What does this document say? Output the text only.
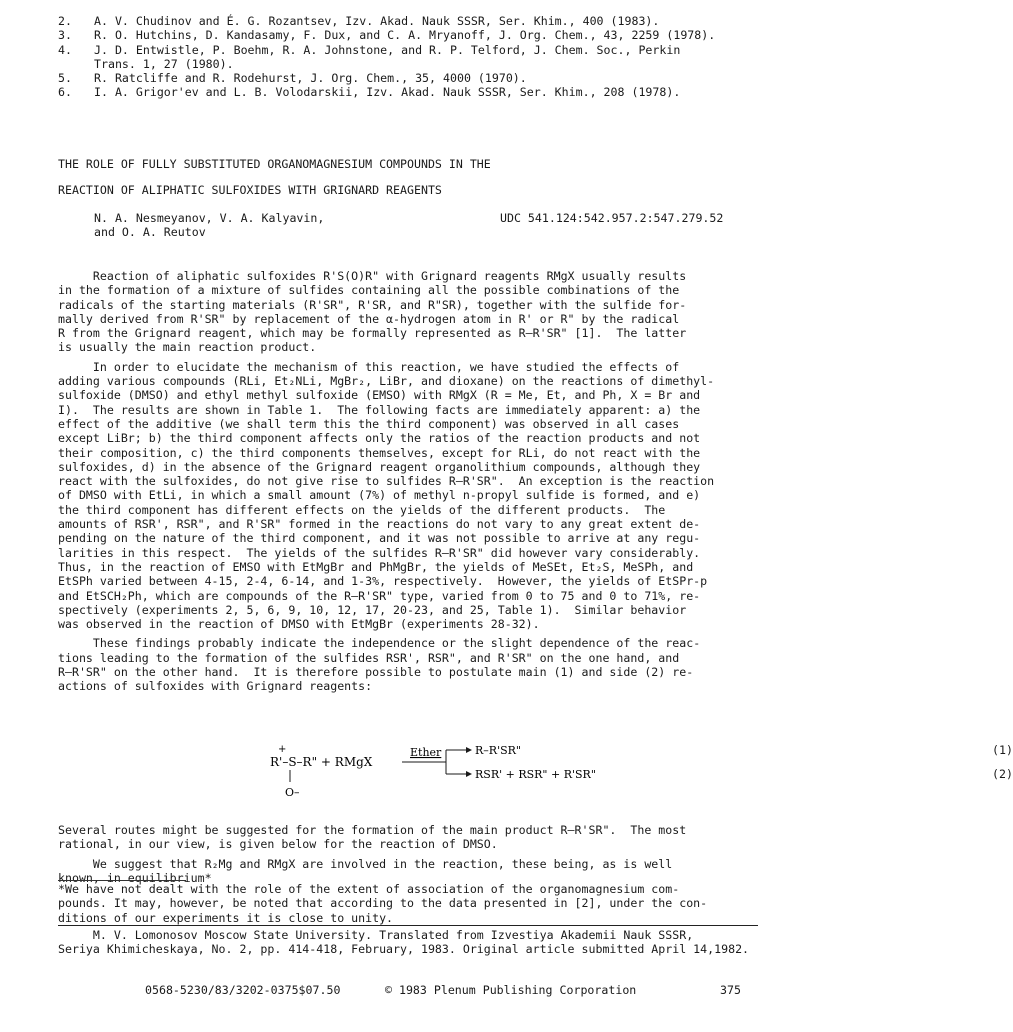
2.	A. V. Chudinov and É. G. Rozantsev, Izv. Akad. Nauk SSSR, Ser. Khim., 400 (1983).
3.	R. O. Hutchins, D. Kandasamy, F. Dux, and C. A. Mryanoff, J. Org. Chem., 43, 2259 (1978).
4.	J. D. Entwistle, P. Boehm, R. A. Johnstone, and R. P. Telford, J. Chem. Soc., Perkin
Trans. 1, 27 (1980).
5.	R. Ratcliffe and R. Rodehurst, J. Org. Chem., 35, 4000 (1970).
6.	I. A. Grigor'ev and L. B. Volodarskii, Izv. Akad. Nauk SSSR, Ser. Khim., 208 (1978).
THE ROLE OF FULLY SUBSTITUTED ORGANOMAGNESIUM COMPOUNDS IN THE
REACTION OF ALIPHATIC SULFOXIDES WITH GRIGNARD REAGENTS
N. A. Nesmeyanov, V. A. Kalyavin,
and O. A. Reutov
UDC 541.124:542.957.2:547.279.52

Reaction of aliphatic sulfoxides R'S(O)R" with Grignard reagents RMgX usually results
in the formation of a mixture of sulfides containing all the possible combinations of the
radicals of the starting materials (R'SR", R'SR, and R"SR), together with the sulfide for-
mally derived from R'SR" by replacement of the α-hydrogen atom in R' or R" by the radical
R from the Grignard reagent, which may be formally represented as R–R'SR" [1].  The latter
is usually the main reaction product.

In order to elucidate the mechanism of this reaction, we have studied the effects of
adding various compounds (RLi, Et₂NLi, MgBr₂, LiBr, and dioxane) on the reactions of dimethyl-
sulfoxide (DMSO) and ethyl methyl sulfoxide (EMSO) with RMgX (R = Me, Et, and Ph, X = Br and
I).  The results are shown in Table 1.  The following facts are immediately apparent: a) the
effect of the additive (we shall term this the third component) was observed in all cases
except LiBr; b) the third component affects only the ratios of the reaction products and not
their composition, c) the third components themselves, except for RLi, do not react with the
sulfoxides, d) in the absence of the Grignard reagent organolithium compounds, although they
react with the sulfoxides, do not give rise to sulfides R–R'SR".  An exception is the reaction
of DMSO with EtLi, in which a small amount (7%) of methyl n-propyl sulfide is formed, and e)
the third component has different effects on the yields of the different products.  The
amounts of RSR', RSR", and R'SR" formed in the reactions do not vary to any great extent de-
pending on the nature of the third component, and it was not possible to arrive at any regu-
larities in this respect.  The yields of the sulfides R–R'SR" did however vary considerably.
Thus, in the reaction of EMSO with EtMgBr and PhMgBr, the yields of MeSEt, Et₂S, MeSPh, and
EtSPh varied between 4-15, 2-4, 6-14, and 1-3%, respectively.  However, the yields of EtSPr-p
and EtSCH₂Ph, which are compounds of the R–R'SR" type, varied from 0 to 75 and 0 to 71%, re-
spectively (experiments 2, 5, 6, 9, 10, 12, 17, 20-23, and 25, Table 1).  Similar behavior
was observed in the reaction of DMSO with EtMgBr (experiments 28-32).

These findings probably indicate the independence or the slight dependence of the reac-
tions leading to the formation of the sulfides RSR', RSR", and R'SR" on the one hand, and
R–R'SR" on the other hand.  It is therefore possible to postulate main (1) and side (2) re-
actions of sulfoxides with Grignard reagents:

+
R'–S–R" + RMgX
O–
Ether	R–R'SR"
RSR' + RSR" + R'SR"
(1)
(2)

Several routes might be suggested for the formation of the main product R–R'SR".  The most
rational, in our view, is given below for the reaction of DMSO.

We suggest that R₂Mg and RMgX are involved in the reaction, these being, as is well
known, in equilibrium*

*We have not dealt with the role of the extent of association of the organomagnesium com-
pounds. It may, however, be noted that according to the data presented in [2], under the con-
ditions of our experiments it is close to unity.
M. V. Lomonosov Moscow State University. Translated from Izvestiya Akademii Nauk SSSR,
Seriya Khimicheskaya, No. 2, pp. 414-418, February, 1983. Original article submitted April 14,1982.
0568-5230/83/3202-0375$07.50	© 1983 Plenum Publishing Corporation	375
